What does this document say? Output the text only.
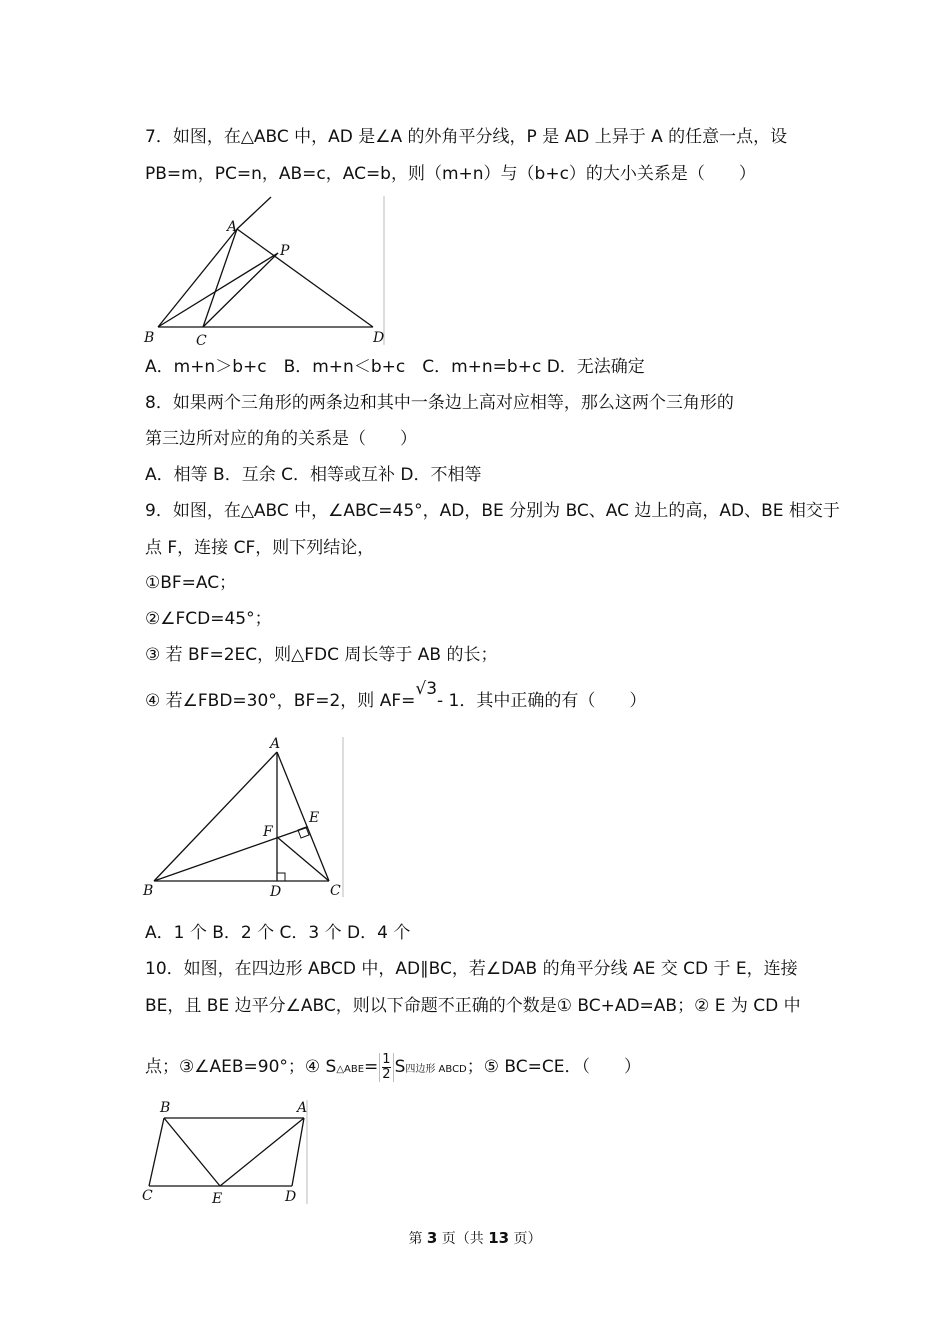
7．如图，在△ABC 中，AD 是∠A 的外角平分线，P 是 AD 上异于 A 的任意一点，设
PB=m，PC=n，AB=c，AC=b，则（m+n）与（b+c）的大小关系是（　　）
A
P
B	C	D
A．m+n＞b+c　B．m+n＜b+c　C．m+n=b+c D．无法确定
8．如果两个三角形的两条边和其中一条边上高对应相等，那么这两个三角形的
第三边所对应的角的关系是（　　）
A．相等 B．互余 C．相等或互补 D．不相等
9．如图，在△ABC 中，∠ABC=45°，AD，BE 分别为 BC、AC 边上的高，AD、BE 相交于
点 F，连接 CF，则下列结论，
①BF=AC；
②∠FCD=45°；
③ 若 BF=2EC，则△FDC 周长等于 AB 的长；
④ 若∠FBD=30°，BF=2，则 AF=√3- 1．其中正确的有（　　）
A
E
F
B	D	C
A．1 个 B．2 个 C．3 个 D．4 个
10．如图，在四边形 ABCD 中，AD∥BC，若∠DAB 的角平分线 AE 交 CD 于 E，连接
BE，且 BE 边平分∠ABC，则以下命题不正确的个数是① BC+AD=AB；② E 为 CD 中
点；③∠AEB=90°；④ S△ABE= $\frac{1}{2}S$四边形 ABCD；⑤ BC=CE．（　　）
B	A
C	E	D
第 3 页（共 13 页）
